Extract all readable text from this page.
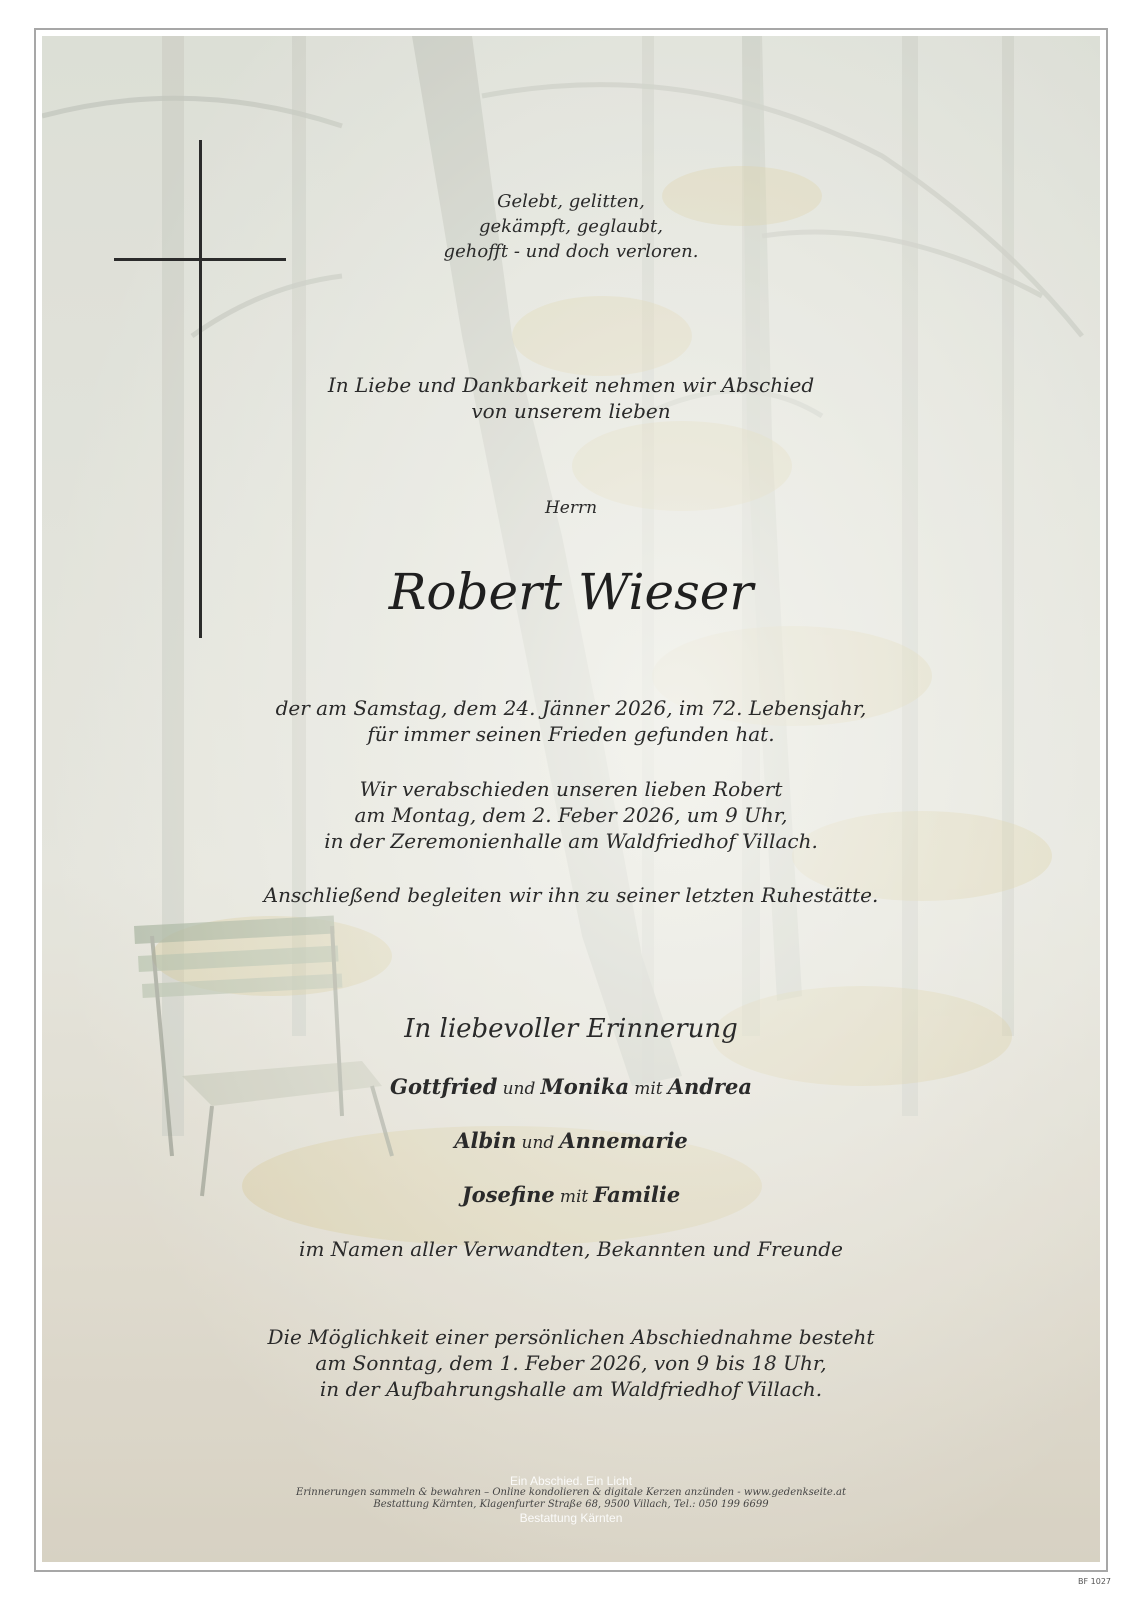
Gelebt, gelitten,
gekämpft, geglaubt,
gehofft - und doch verloren.
In Liebe und Dankbarkeit nehmen wir Abschied
von unserem lieben
Herrn
Robert Wieser
der am Samstag, dem 24. Jänner 2026, im 72. Lebensjahr,
für immer seinen Frieden gefunden hat.
Wir verabschieden unseren lieben Robert
am Montag, dem 2. Feber 2026, um 9 Uhr,
in der Zeremonienhalle am Waldfriedhof Villach.
Anschließend begleiten wir ihn zu seiner letzten Ruhestätte.
In liebevoller Erinnerung
Gottfried und Monika mit Andrea
Albin und Annemarie
Josefine mit Familie
im Namen aller Verwandten, Bekannten und Freunde
Die Möglichkeit einer persönlichen Abschiednahme besteht
am Sonntag, dem 1. Feber 2026, von 9 bis 18 Uhr,
in der Aufbahrungshalle am Waldfriedhof Villach.
Ein Abschied. Ein Licht
Erinnerungen sammeln & bewahren – Online kondolieren & digitale Kerzen anzünden - www.gedenkseite.at
Bestattung Kärnten, Klagenfurter Straße 68, 9500 Villach, Tel.: 050 199 6699
Bestattung Kärnten
BF 1027
